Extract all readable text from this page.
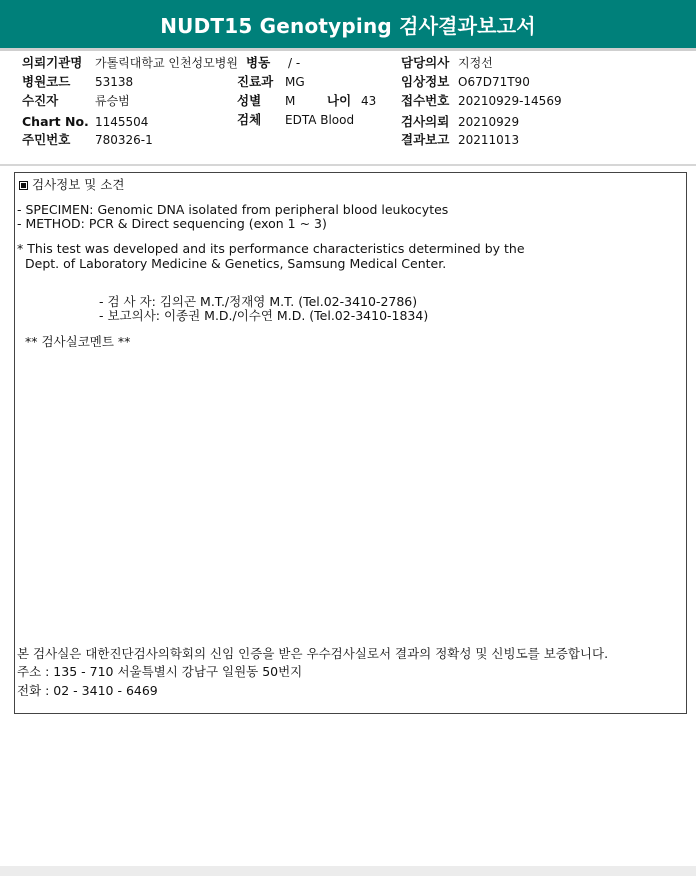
NUDT15 Genotyping 검사결과보고서
의뢰기관명 가톨릭대학교 인천성모병원
병원코드 53138
수진자	류승범
Chart No. 1145504
주민번호 780326-1
병동 / -
진료과 MG
성별 M	나이 43
검체 EDTA Blood
담당의사 지정선
임상정보 O67D71T90
접수번호 20210929-14569
검사의뢰 20210929
결과보고 20211013
검사정보 및 소견
- SPECIMEN: Genomic DNA isolated from peripheral blood leukocytes
- METHOD: PCR & Direct sequencing (exon 1 ~ 3)
* This test was developed and its performance characteristics determined by the
Dept. of Laboratory Medicine & Genetics, Samsung Medical Center.
- 검 사 자: 김의곤 M.T./정재영 M.T. (Tel.02-3410-2786)
- 보고의사: 이종권 M.D./이수연 M.D. (Tel.02-3410-1834)
** 검사실코멘트 **
본 검사실은 대한진단검사의학회의 신임 인증을 받은 우수검사실로서 결과의 정확성 및 신빙도를 보증합니다.
주소 : 135 - 710 서울특별시 강남구 일원동 50번지
전화 : 02 - 3410 - 6469
